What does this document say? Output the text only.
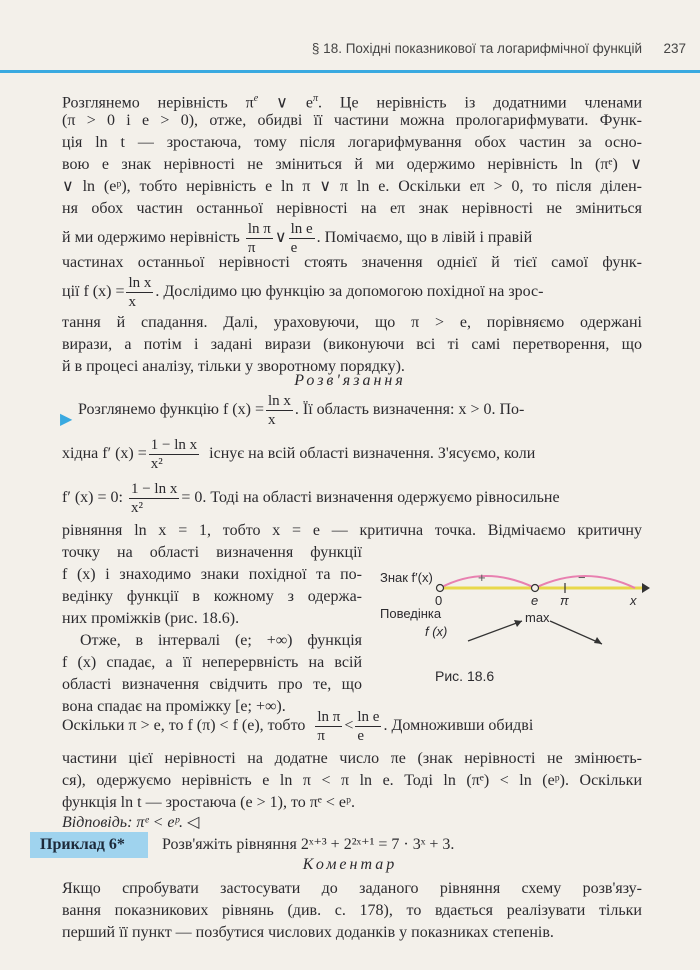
§ 18. Похідні показникової та логарифмічної функцій 237
Розглянемо нерівність $\pi^e$ ∨ $e^\pi$. Це нерівність із додатними членами
(π > 0 і e > 0), отже, обидві її частини можна прологарифмувати. Функ-
ція ln t — зростаюча, тому після логарифмування обох частин за осно-
вою e знак нерівності не зміниться й ми одержимо нерівність ln (πᵉ) ∨
∨ ln (eᵖ), тобто нерівність e ln π ∨ π ln e. Оскільки eπ > 0, то після ділен-
ня обох частин останньої нерівності на eπ знак нерівності не зміниться
й ми одержимо нерівність $\frac{\text{ln π}}{\pi}$ ∨ $\frac{\text{ln e}}{e}$ . Помічаємо, що в лівій і правій
частинах останньої нерівності стоять значення однієї й тієї самої функ-
ції f $(x) = \frac{\text{ln x}}{x}$ . Дослідимо цю функцію за допомогою похідної на зрос-
тання й спадання. Далі, ураховуючи, що π > e, порівняємо одержані
вирази, а потім і задані вирази (виконуючи всі ті самі перетворення, що
й в процесі аналізу, тільки у зворотному порядку).
Розв'язання
▶
Розглянемо функцію f $(x) = \frac{\text{ln x}}{x}$ . Її область визначення: x > 0. По-
хідна f′ $(x) = \frac{\text{1 − ln x}}{\text{x²}}$ існує на всій області визначення. З'ясуємо, коли
f′ (x) = 0: $\frac{\text{1 − ln x}}{\text{x²}} = 0$. Тоді на області визначення одержуємо рівносильне
рівняння ln x = 1, тобто x = e — критична точка. Відмічаємо критичну
точку на області визначення функції
f (x) і знаходимо знаки похідної та по-
ведінку функції в кожному з одержа-
них проміжків (рис. 18.6).
Отже, в інтервалі (e; +∞) функція
f (x) спадає, а її неперервність на всій
області визначення свідчить про те, що
вона спадає на проміжку [e; +∞).
Знак f′(x)	+	−
0	e π	x
Поведінка	max
f (x)
Рис. 18.6
Оскільки π > e, то f (π) < f (e), тобто $\frac{\text{ln π}}{\pi} < \frac{\text{ln e}}{e}$ . Домноживши обидві
частини цієї нерівності на додатне число πe (знак нерівності не змінюєть-
ся), одержуємо нерівність e ln π < π ln e. Тоді ln (πᵉ) < ln (eᵖ). Оскільки
функція ln t — зростаюча (e > 1), то πᵉ < eᵖ.
Відповідь: πᵉ < eᵖ. ◁
Приклад 6*	Розв'яжіть рівняння 2ˣ⁺³ + 2²ˣ⁺¹ = 7 · 3ˣ + 3.
Коментар
Якщо спробувати застосувати до заданого рівняння схему розв'язу-
вання показникових рівнянь (див. с. 178), то вдається реалізувати тільки
перший її пункт — позбутися числових доданків у показниках степенів.
